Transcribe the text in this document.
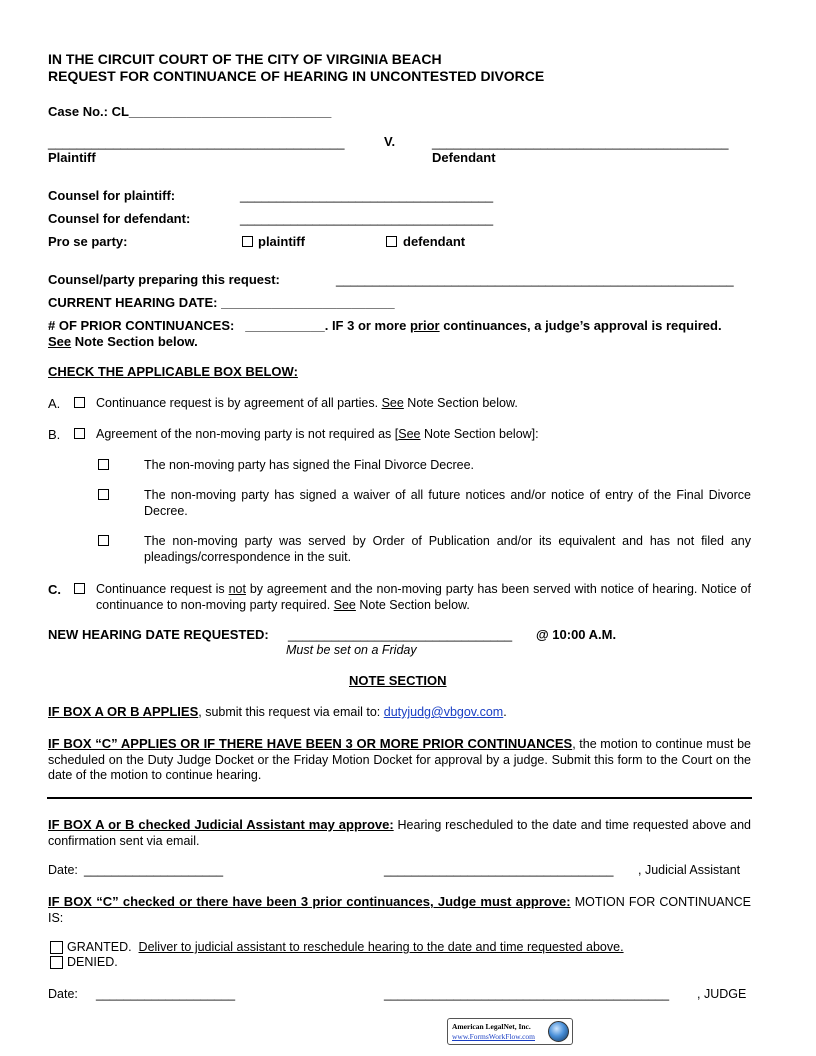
IN THE CIRCUIT COURT OF THE CITY OF VIRGINIA BEACH
REQUEST FOR CONTINUANCE OF HEARING IN UNCONTESTED DIVORCE
Case No.: CL____________________________
_________________________________________	V.	_________________________________________
Plaintiff	Defendant
Counsel for plaintiff:	___________________________________
Counsel for defendant:	___________________________________
Pro se party:	plaintiff	defendant
Counsel/party preparing this request:	_______________________________________________________
CURRENT HEARING DATE: ________________________
# OF PRIOR CONTINUANCES: ___________. IF 3 or more prior continuances, a judge’s approval is required.
See Note Section below.
CHECK THE APPLICABLE BOX BELOW:
A.	Continuance request is by agreement of all parties. See Note Section below.
B.	Agreement of the non-moving party is not required as [See Note Section below]:
The non-moving party has signed the Final Divorce Decree.
The non-moving party has signed a waiver of all future notices and/or notice of entry of the Final Divorce Decree.
The non-moving party was served by Order of Publication and/or its equivalent and has not filed any pleadings/correspondence in the suit.
C.	Continuance request is not by agreement and the non-moving party has been served with notice of hearing. Notice of continuance to non-moving party required. See Note Section below.
NEW HEARING DATE REQUESTED: _______________________________ @ 10:00 A.M.
Must be set on a Friday
NOTE SECTION
IF BOX A OR B APPLIES, submit this request via email to: dutyjudg@vbgov.com.
IF BOX “C” APPLIES OR IF THERE HAVE BEEN 3 OR MORE PRIOR CONTINUANCES, the motion to continue must be scheduled on the Duty Judge Docket or the Friday Motion Docket for approval by a judge. Submit this form to the Court on the date of the motion to continue hearing.
IF BOX A or B checked Judicial Assistant may approve: Hearing rescheduled to the date and time requested above and confirmation sent via email.
Date: ____________________	_________________________________ , Judicial Assistant
IF BOX “C” checked or there have been 3 prior continuances, Judge must approve: MOTION FOR CONTINUANCE IS:
GRANTED. Deliver to judicial assistant to reschedule hearing to the date and time requested above.
DENIED.
Date: ____________________	_________________________________________ , JUDGE
American LegalNet, Inc.
www.FormsWorkFlow.com
